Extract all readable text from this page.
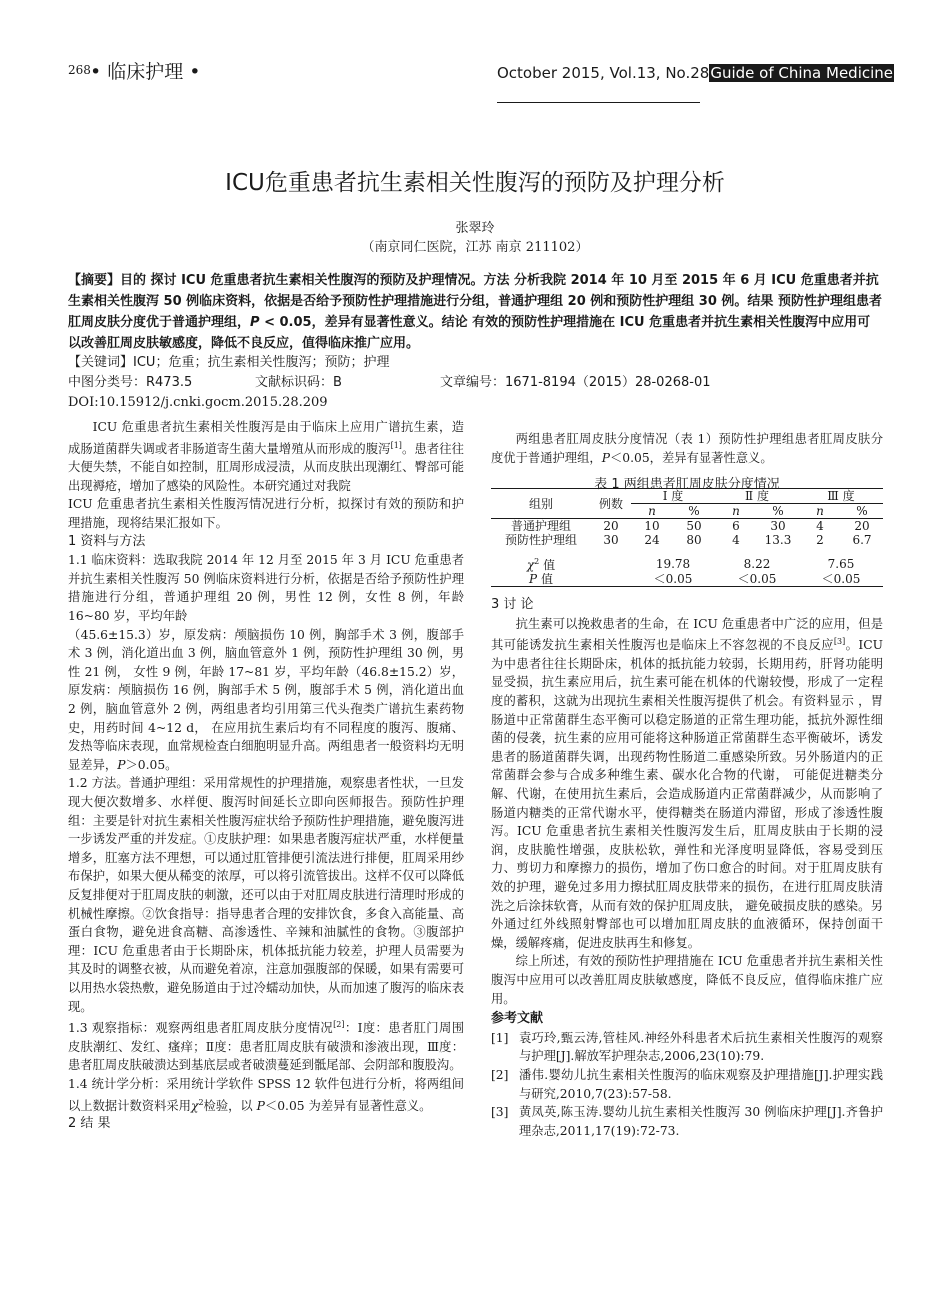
268 • 临床护理 •	October 2015, Vol.13, No.28Guide of China Medicine
ICU危重患者抗生素相关性腹泻的预防及护理分析
张翠玲
（南京同仁医院，江苏 南京 211102）
【摘要】目的 探讨 ICU 危重患者抗生素相关性腹泻的预防及护理情况。方法 分析我院 2014 年 10 月至 2015 年 6 月 ICU 危重患者并抗生素相关性腹泻 50 例临床资料，依据是否给予预防性护理措施进行分组，普通护理组 20 例和预防性护理组 30 例。结果 预防性护理组患者肛周皮肤分度优于普通护理组，P < 0.05，差异有显著性意义。结论 有效的预防性护理措施在 ICU 危重患者并抗生素相关性腹泻中应用可以改善肛周皮肤敏感度，降低不良反应，值得临床推广应用。
【关键词】ICU；危重；抗生素相关性腹泻；预防；护理
中图分类号：R473.5	文献标识码：B	文章编号：1671-8194（2015）28-0268-01
DOI:10.15912/j.cnki.gocm.2015.28.209

ICU 危重患者抗生素相关性腹泻是由于临床上应用广谱抗生素，造成肠道菌群失调或者非肠道寄生菌大量增殖从而形成的腹泻[1]。患者往往大便失禁，不能自如控制，肛周形成浸渍，从而皮肤出现潮红、臀部可能出现褥疮，增加了感染的风险性。本研究通过对我院

ICU 危重患者抗生素相关性腹泻情况进行分析，拟探讨有效的预防和护理措施，现将结果汇报如下。

1 资料与方法

1.1 临床资料：选取我院 2014 年 12 月至 2015 年 3 月 ICU 危重患者并抗生素相关性腹泻 50 例临床资料进行分析，依据是否给予预防性护理措施进行分组，普通护理组 20 例，男性 12 例，女性 8 例，年龄 16~80 岁，平均年龄

（45.6±15.3）岁，原发病：颅脑损伤 10 例，胸部手术 3 例，腹部手术 3 例，消化道出血 3 例，脑血管意外 1 例，预防性护理组 30 例，男性 21 例， 女性 9 例，年龄 17~81 岁，平均年龄（46.8±15.2）岁，原发病：颅脑损伤 16 例，胸部手术 5 例，腹部手术 5 例，消化道出血 2 例，脑血管意外 2 例，两组患者均引用第三代头孢类广谱抗生素药物史，用药时间 4~12 d， 在应用抗生素后均有不同程度的腹泻、腹痛、发热等临床表现，血常规检查白细胞明显升高。两组患者一般资料均无明显差异，P＞0.05。

1.2 方法。普通护理组：采用常规性的护理措施，观察患者性状，一旦发现大便次数增多、水样便、腹泻时间延长立即向医师报告。预防性护理组：主要是针对抗生素相关性腹泻症状给予预防性护理措施，避免腹泻进一步诱发严重的并发症。①皮肤护理：如果患者腹泻症状严重，水样便量增多，肛塞方法不理想，可以通过肛管排便引流法进行排便，肛周采用纱布保护，如果大便从稀变的浓厚，可以将引流管拔出。这样不仅可以降低反复排便对于肛周皮肤的刺激，还可以由于对肛周皮肤进行清理时形成的机械性摩擦。②饮食指导：指导患者合理的安排饮食，多食入高能量、高蛋白食物，避免进食高糖、高渗透性、辛辣和油腻性的食物。③腹部护理：ICU 危重患者由于长期卧床，机体抵抗能力较差，护理人员需要为其及时的调整衣被，从而避免着凉，注意加强腹部的保暖，如果有需要可以用热水袋热敷，避免肠道由于过冷蠕动加快，从而加速了腹泻的临床表现。

1.3 观察指标：观察两组患者肛周皮肤分度情况[2]：Ⅰ度：患者肛门周围皮肤潮红、发红、瘙痒；Ⅱ度：患者肛周皮肤有破溃和渗液出现，Ⅲ度：患者肛周皮肤破溃达到基底层或者破溃蔓延到骶尾部、会阴部和腹股沟。

1.4 统计学分析：采用统计学软件 SPSS 12 软件包进行分析，将两组间以上数据计数资料采用$\chi^2$检验，以 P＜0.05 为差异有显著性意义。

2 结 果

两组患者肛周皮肤分度情况（表 1）预防性护理组患者肛周皮肤分度优于普通护理组，P＜0.05，差异有显著性意义。

表 1 两组患者肛周皮肤分度情况
组别	例数	Ⅰ 度		Ⅱ 度		Ⅲ 度	
		n	%	n	%	n	%
普通护理组	20	10	50	6	30	4	20
预防性护理组	30	24	80	4	13.3	2	6.7

$\chi^2$ 值		19.78		8.22		7.65	
P 值		＜0.05		＜0.05		＜0.05	

3 讨 论

抗生素可以挽救患者的生命，在 ICU 危重患者中广泛的应用，但是其可能诱发抗生素相关性腹泻也是临床上不容忽视的不良反应[3]。ICU 为中患者往往长期卧床，机体的抵抗能力较弱，长期用药，肝肾功能明显受损，抗生素应用后，抗生素可能在机体的代谢较慢，形成了一定程度的蓄积，这就为出现抗生素相关性腹泻提供了机会。有资料显示 ，胃肠道中正常菌群生态平衡可以稳定肠道的正常生理功能，抵抗外源性细菌的侵袭，抗生素的应用可能将这种肠道正常菌群生态平衡破坏，诱发患者的肠道菌群失调，出现药物性肠道二重感染所致。另外肠道内的正常菌群会参与合成多种维生素、碳水化合物的代谢， 可能促进糖类分解、代谢，在使用抗生素后，会造成肠道内正常菌群减少，从而影响了肠道内糖类的正常代谢水平，使得糖类在肠道内滞留，形成了渗透性腹泻。ICU 危重患者抗生素相关性腹泻发生后，肛周皮肤由于长期的浸润，皮肤脆性增强，皮肤松软，弹性和光泽度明显降低，容易受到压力、剪切力和摩擦力的损伤，增加了伤口愈合的时间。对于肛周皮肤有效的护理，避免过多用力擦拭肛周皮肤带来的损伤，在进行肛周皮肤清洗之后涂抹软膏，从而有效的保护肛周皮肤， 避免破损皮肤的感染。另外通过红外线照射臀部也可以增加肛周皮肤的血液循环，保持创面干燥，缓解疼痛，促进皮肤再生和修复。

综上所述，有效的预防性护理措施在 ICU 危重患者并抗生素相关性腹泻中应用可以改善肛周皮肤敏感度，降低不良反应，值得临床推广应用。

参考文献

[1] 袁巧玲,甄云涛,管桂风.神经外科患者术后抗生素相关性腹泻的观察与护理[J].解放军护理杂志,2006,23(10):79.
[2] 潘伟.婴幼儿抗生素相关性腹泻的临床观察及护理措施[J].护理实践与研究,2010,7(23):57-58.
[3] 黄凤英,陈玉涛.婴幼儿抗生素相关性腹泻 30 例临床护理[J].齐鲁护理杂志,2011,17(19):72-73.
